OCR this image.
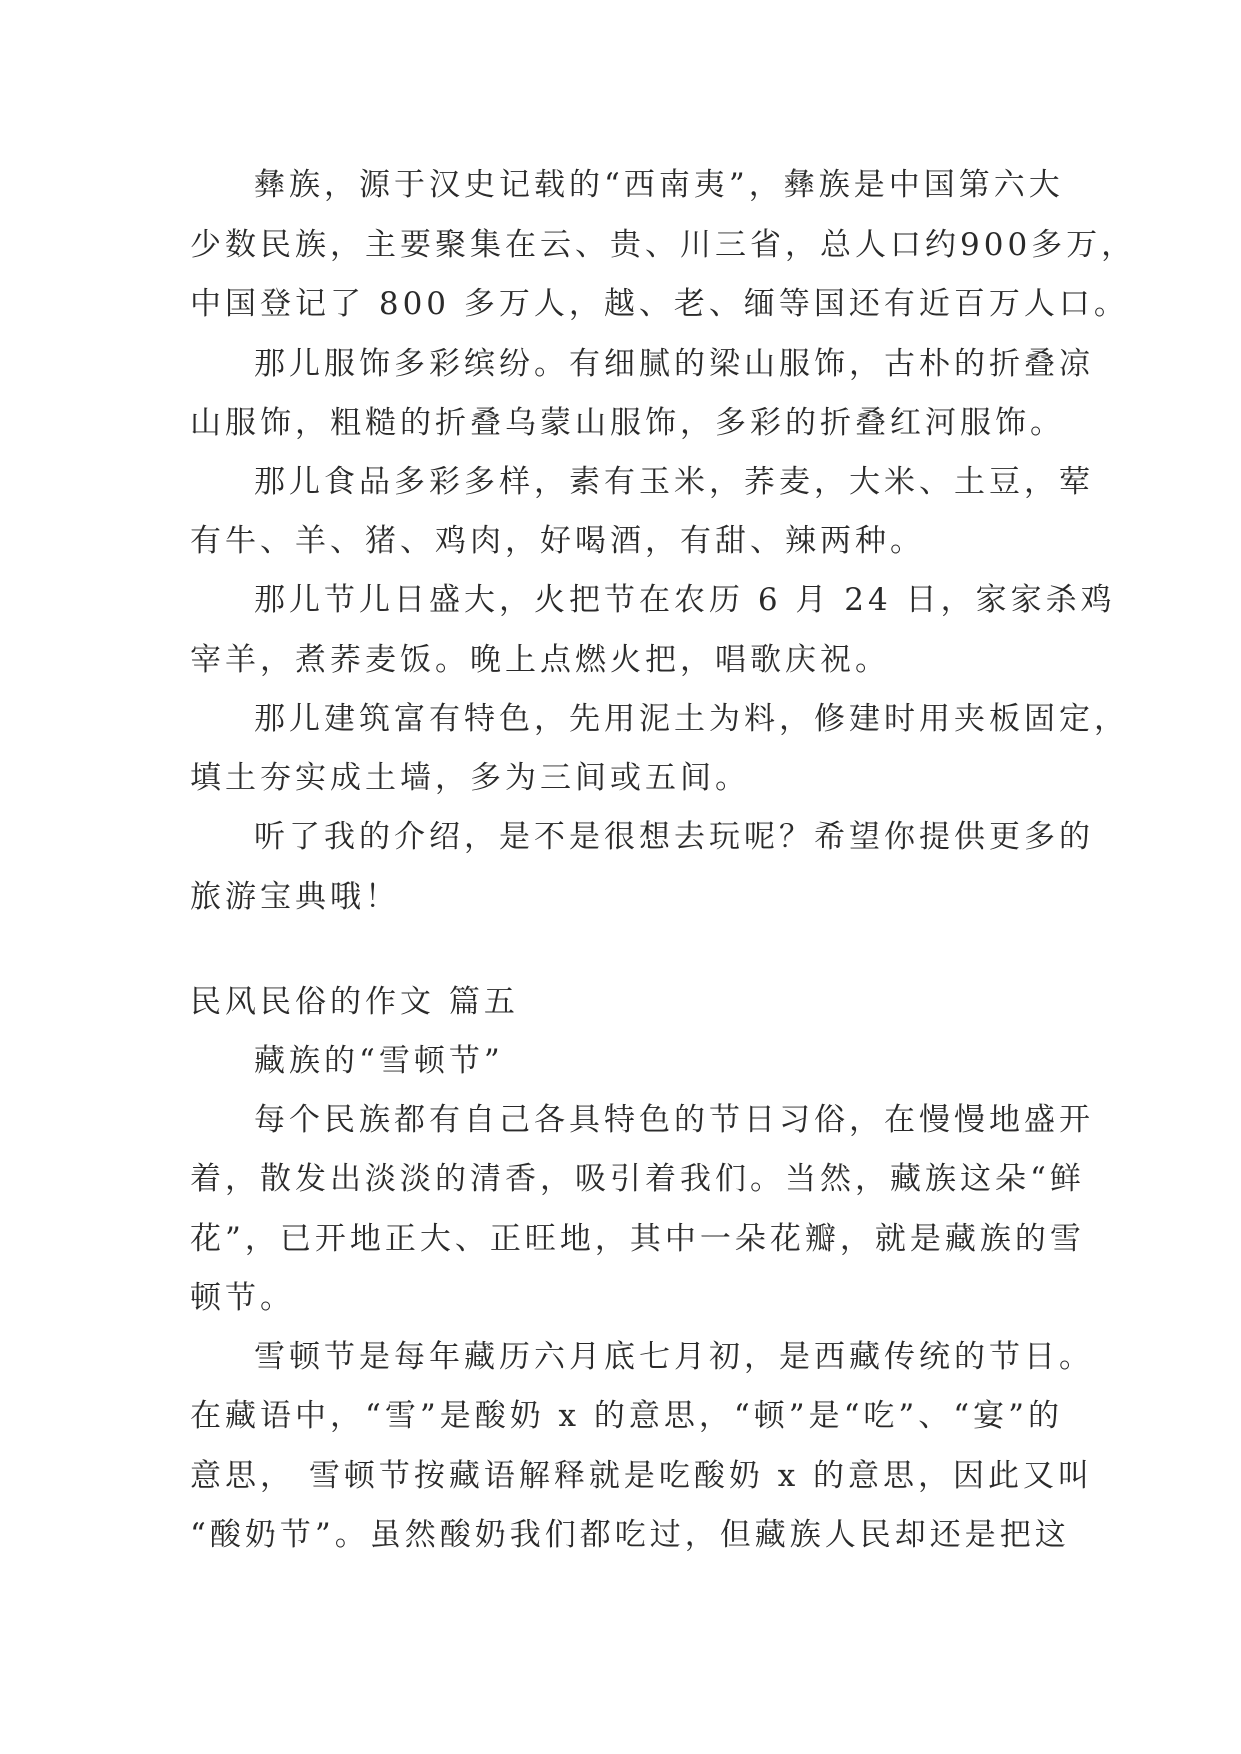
彝族，源于汉史记载的“西南夷”，彝族是中国第六大

少数民族，主要聚集在云、贵、川三省，总人口约900多万，

中国登记了 800 多万人，越、老、缅等国还有近百万人口。

那儿服饰多彩缤纷。有细腻的梁山服饰，古朴的折叠凉

山服饰，粗糙的折叠乌蒙山服饰，多彩的折叠红河服饰。

那儿食品多彩多样，素有玉米，荞麦，大米、土豆，荤

有牛、羊、猪、鸡肉，好喝酒，有甜、辣两种。

那儿节儿日盛大，火把节在农历 6 月 24 日，家家杀鸡

宰羊，煮荞麦饭。晚上点燃火把，唱歌庆祝。

那儿建筑富有特色，先用泥土为料，修建时用夹板固定，

填土夯实成土墙，多为三间或五间。

听了我的介绍，是不是很想去玩呢？希望你提供更多的

旅游宝典哦！

民风民俗的作文 篇五

藏族的“雪顿节”

每个民族都有自己各具特色的节日习俗，在慢慢地盛开

着，散发出淡淡的清香，吸引着我们。当然，藏族这朵“鲜

花”，已开地正大、正旺地，其中一朵花瓣，就是藏族的雪

顿节。

雪顿节是每年藏历六月底七月初，是西藏传统的节日。

在藏语中，“雪”是酸奶 x 的意思，“顿”是“吃”、“宴”的

意思， 雪顿节按藏语解释就是吃酸奶 x 的意思，因此又叫

“酸奶节”。虽然酸奶我们都吃过，但藏族人民却还是把这
